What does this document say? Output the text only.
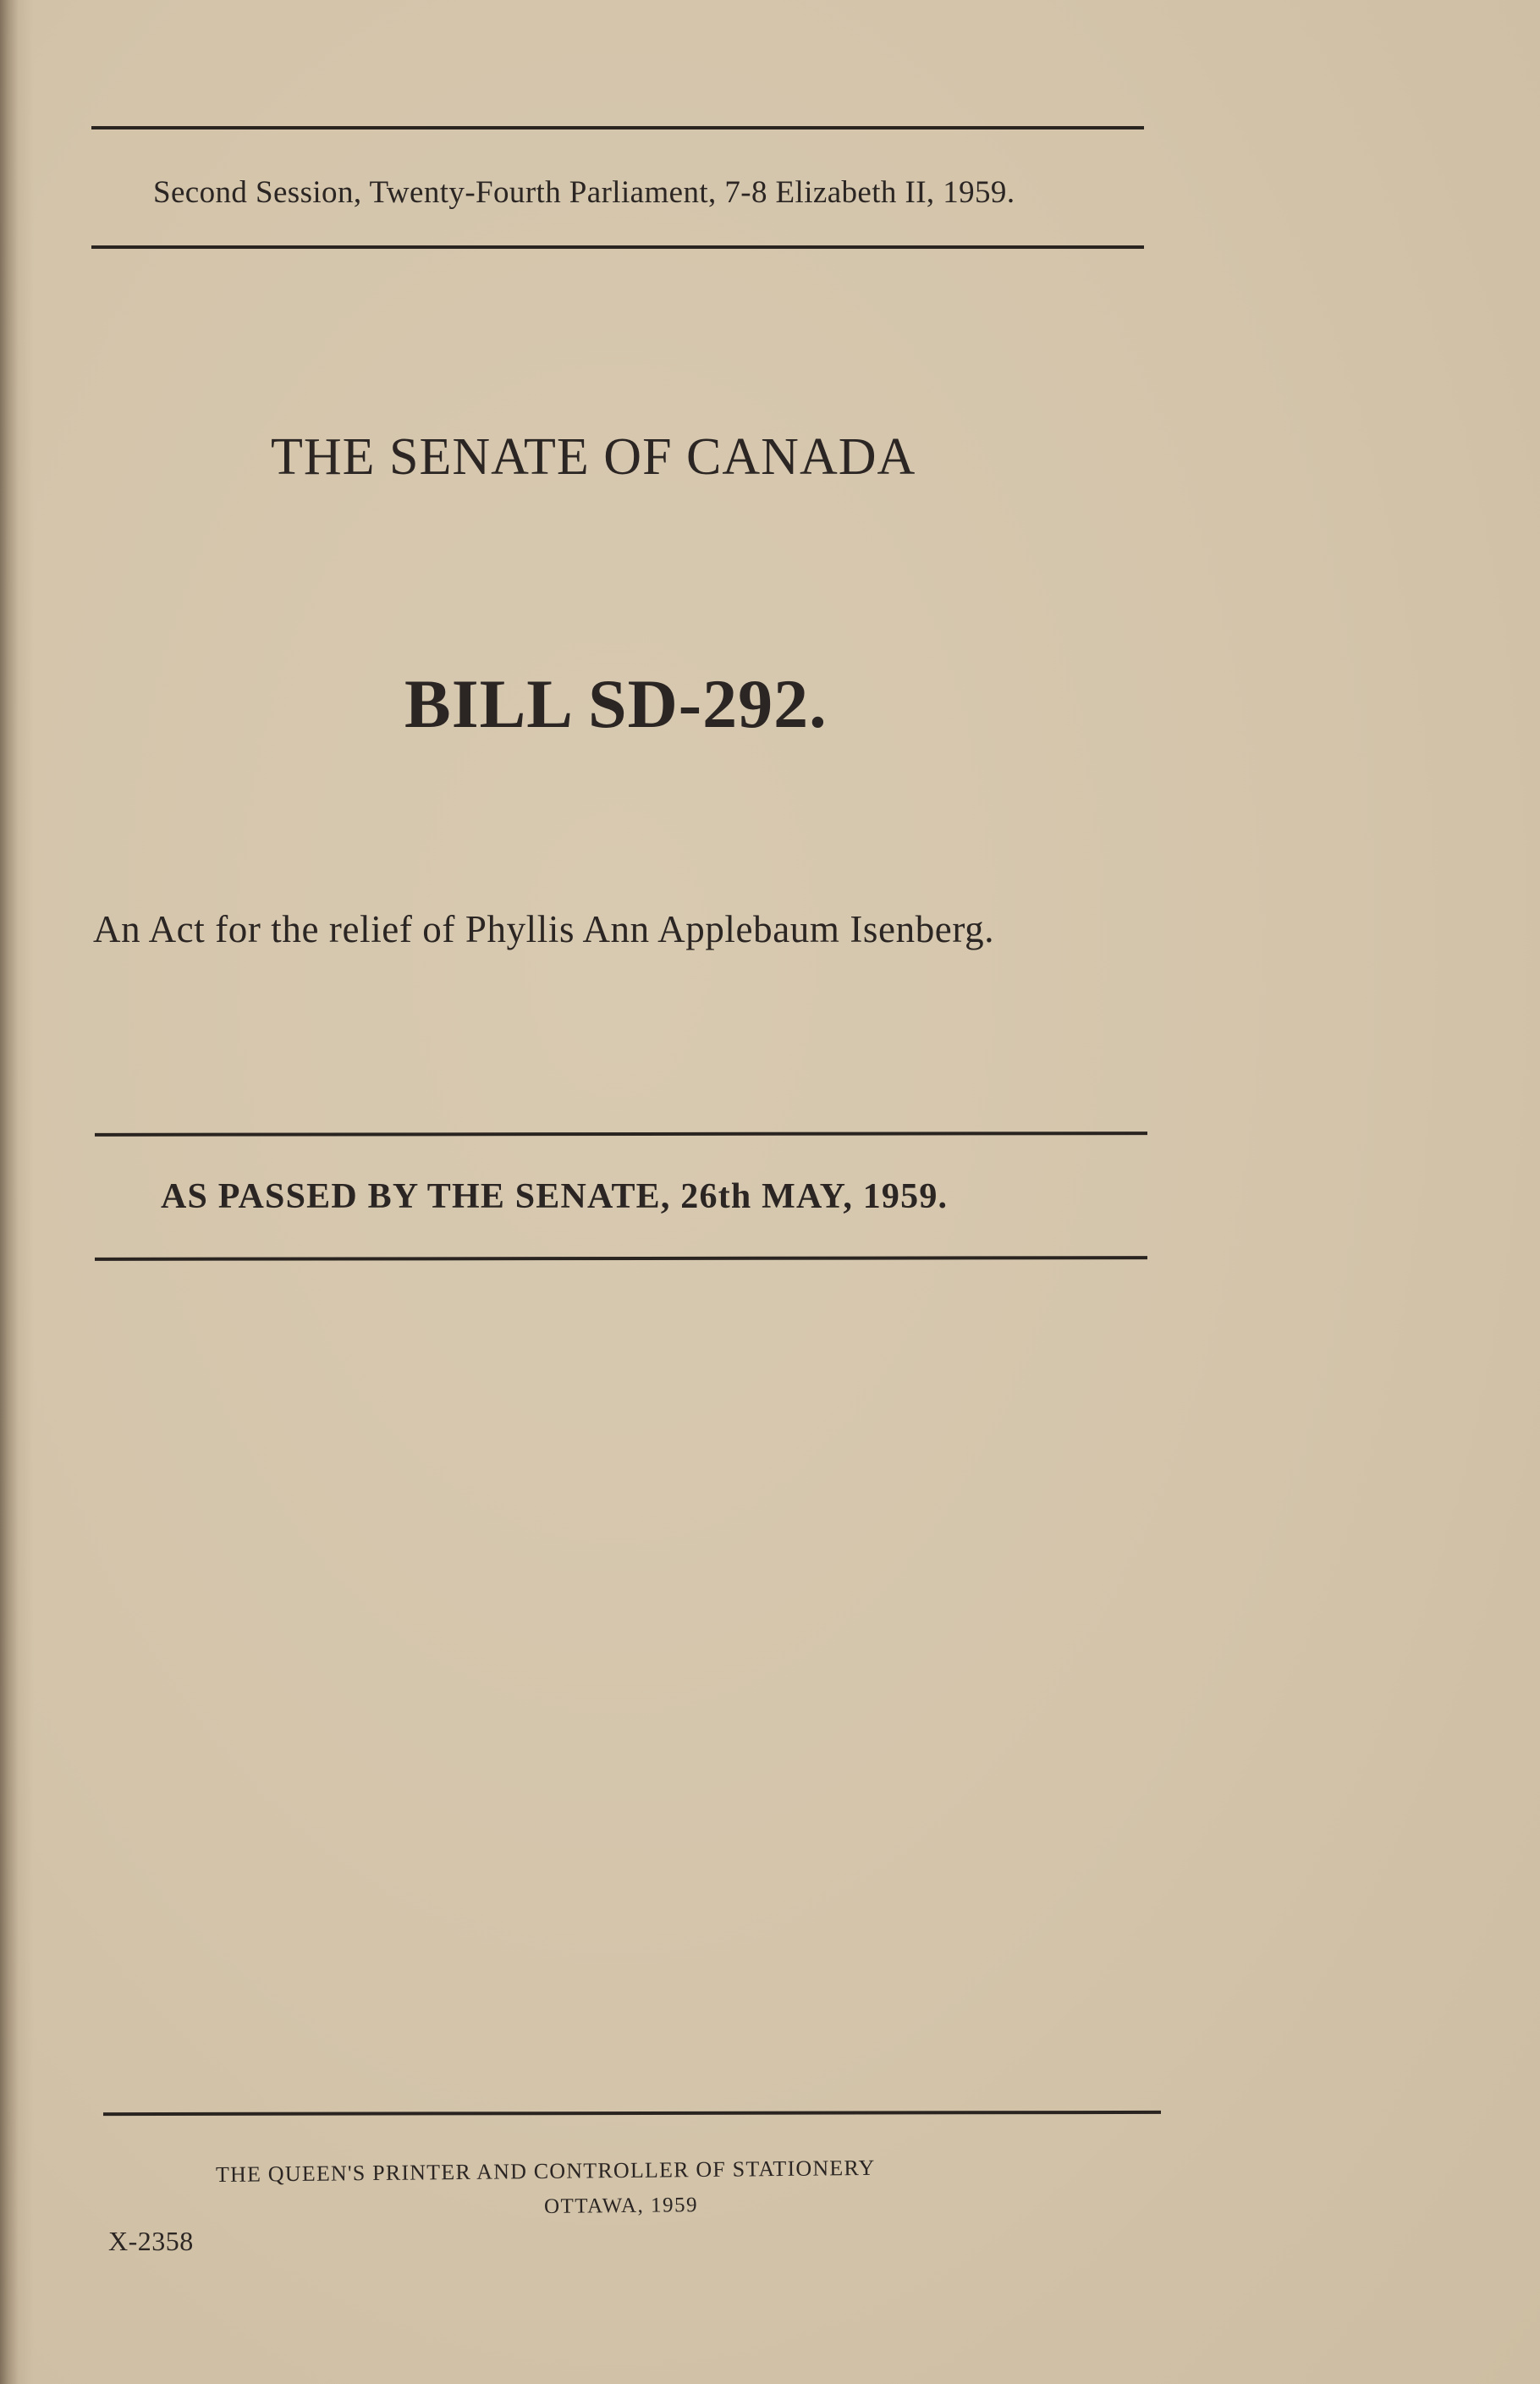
Second Session, Twenty-Fourth Parliament, 7-8 Elizabeth II, 1959.
THE SENATE OF CANADA
BILL SD-292.
An Act for the relief of Phyllis Ann Applebaum Isenberg.
AS PASSED BY THE SENATE, 26th MAY, 1959.
THE QUEEN'S PRINTER AND CONTROLLER OF STATIONERY
OTTAWA, 1959
X-2358
